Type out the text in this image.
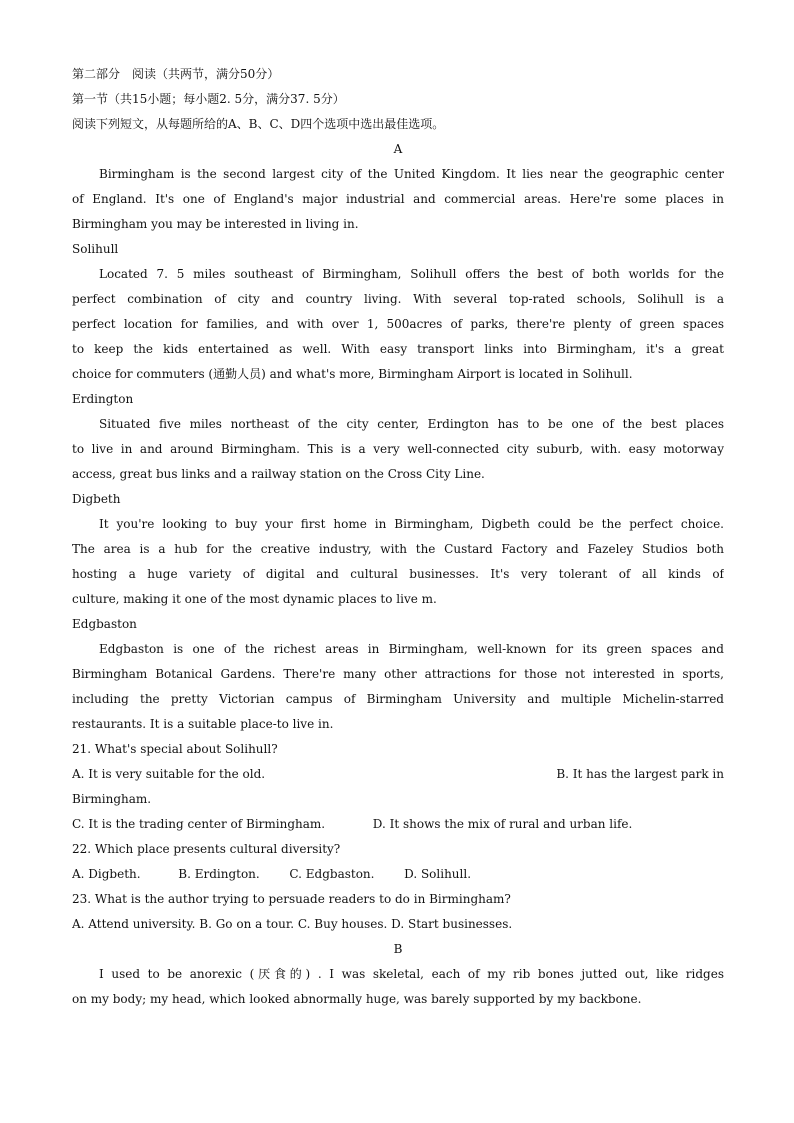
第二部分　阅读（共两节，满分50分）
第一节（共15小题；每小题2. 5分，满分37. 5分）
阅读下列短文，从每题所给的A、B、C、D四个选项中选出最佳选项。
A
Birmingham is the second largest city of the United Kingdom. It lies near the geographic center
of England. It's one of England's major industrial and commercial areas. Here're some places in
Birmingham you may be interested in living in.
Solihull
Located 7. 5 miles southeast of Birmingham, Solihull offers the best of both worlds for the
perfect combination of city and country living. With several top-rated schools, Solihull is a
perfect location for families, and with over 1, 500acres of parks, there're plenty of green spaces
to keep the kids entertained as well. With easy transport links into Birmingham, it's a great
choice for commuters (通勤人员) and what's more, Birmingham Airport is located in Solihull.
Erdington
Situated five miles northeast of the city center, Erdington has to be one of the best places
to live in and around Birmingham. This is a very well-connected city suburb, with. easy motorway
access, great bus links and a railway station on the Cross City Line.
Digbeth
It you're looking to buy your first home in Birmingham, Digbeth could be the perfect choice.
The area is a hub for the creative industry, with the Custard Factory and Fazeley Studios both
hosting a huge variety of digital and cultural businesses. It's very tolerant of all kinds of
culture, making it one of the most dynamic places to live m.
Edgbaston
Edgbaston is one of the richest areas in Birmingham, well-known for its green spaces and
Birmingham Botanical Gardens. There're many other attractions for those not interested in sports,
including the pretty Victorian campus of Birmingham University and multiple Michelin-starred
restaurants. It is a suitable place-to live in.
21. What's special about Solihull?
A. It is very suitable for the old.	B. It has the largest park in
Birmingham.
C. It is the trading center of Birmingham.	D. It shows the mix of rural and urban life.
22. Which place presents cultural diversity?
A. Digbeth.	B. Erdington. C. Edgbaston. D. Solihull.
23. What is the author trying to persuade readers to do in Birmingham?
A. Attend university. B. Go on a tour. C. Buy houses. D. Start businesses.
B
I used to be anorexic (厌食的) . I was skeletal, each of my rib bones jutted out, like ridges
on my body; my head, which looked abnormally huge, was barely supported by my backbone.
